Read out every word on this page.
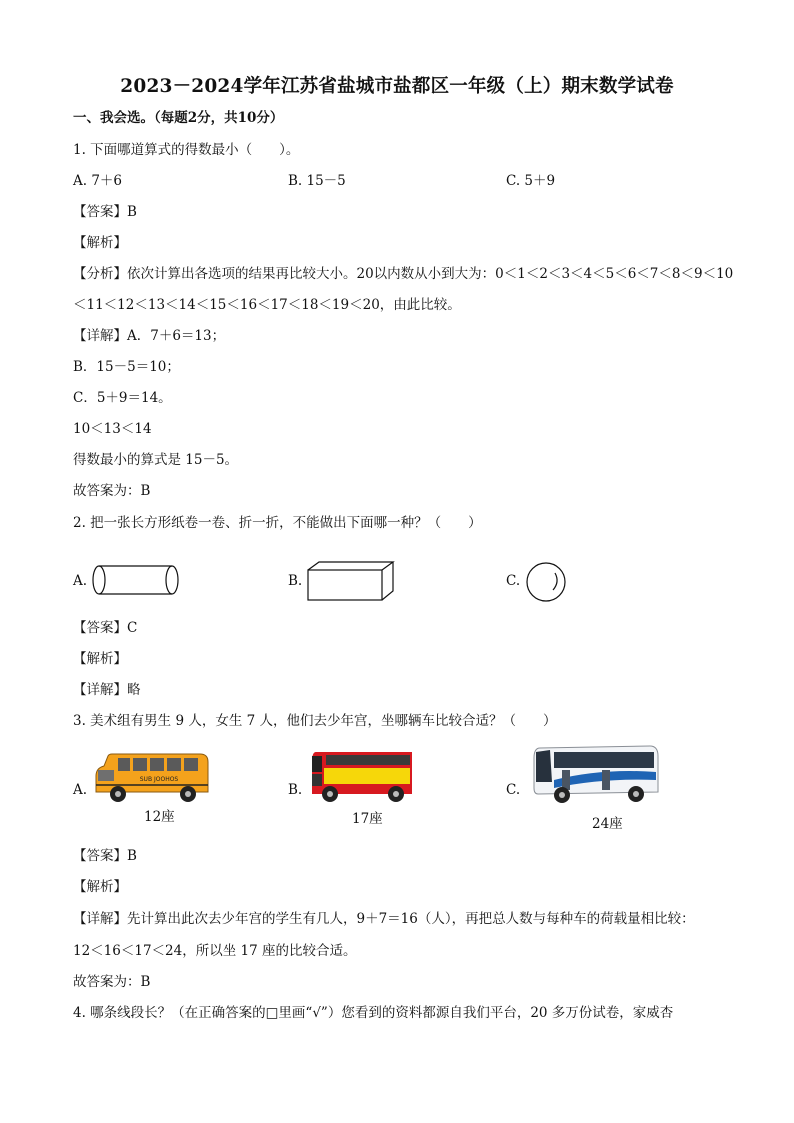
2023－2024学年江苏省盐城市盐都区一年级（上）期末数学试卷
一、我会选。（每题2分，共10分）
1. 下面哪道算式的得数最小（　　）。
A. 7＋6	B. 15－5	C. 5＋9
【答案】B
【解析】
【分析】依次计算出各选项的结果再比较大小。20以内数从小到大为：0＜1＜2＜3＜4＜5＜6＜7＜8＜9＜10
＜11＜12＜13＜14＜15＜16＜17＜18＜19＜20，由此比较。
【详解】A．7＋6＝13；
B．15－5＝10；
C．5＋9＝14。
10＜13＜14
得数最小的算式是 15－5。
故答案为：B
2. 把一张长方形纸卷一卷、折一折，不能做出下面哪一种？（　　）
A.	B.	C.
【答案】C
【解析】
【详解】略
3. 美术组有男生 9 人，女生 7 人，他们去少年宫，坐哪辆车比较合适？（　　）
A.
SUB JOOHOS
12座
B.
17座
C.
24座
【答案】B
【解析】
【详解】先计算出此次去少年宫的学生有几人，9＋7＝16（人），再把总人数与每种车的荷载量相比较：
12＜16＜17＜24，所以坐 17 座的比较合适。
故答案为：B
4. 哪条线段长？（在正确答案的□里画“√”）您看到的资料都源自我们平台，20 多万份试卷，家威杏
